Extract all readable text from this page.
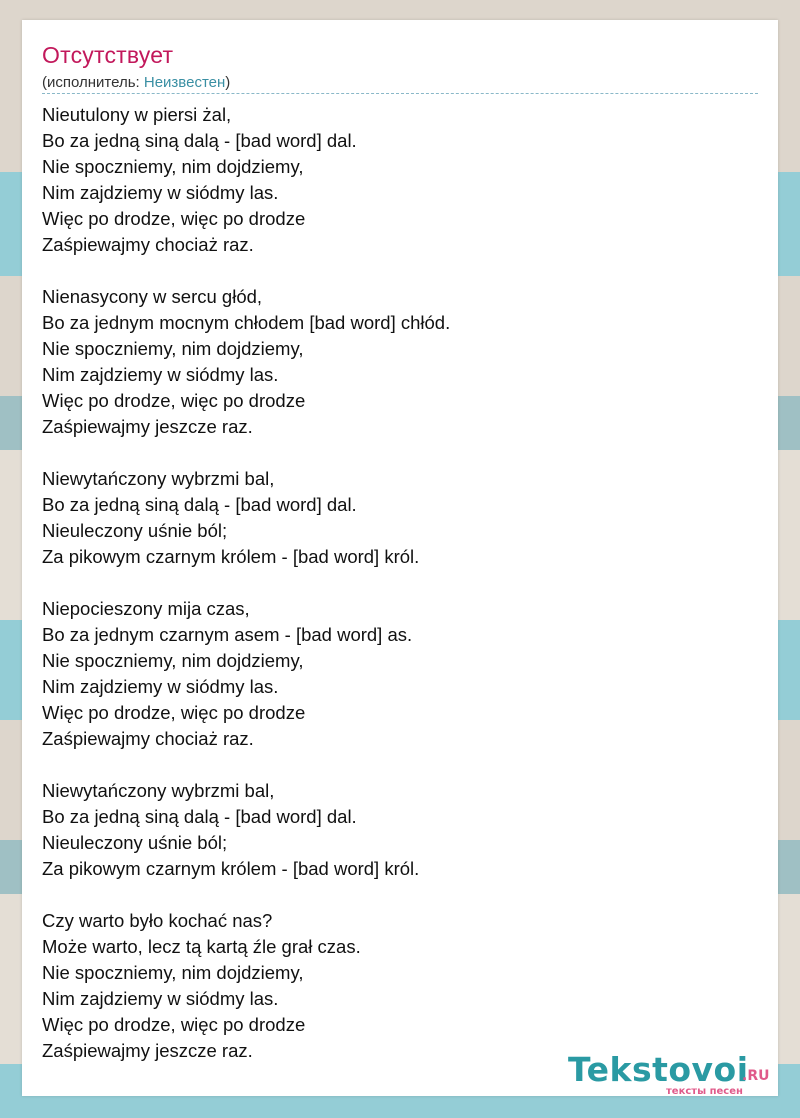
Отсутствует
(исполнитель: Неизвестен)
Nieutulony w piersi żal,
Bo za jedną siną dalą - [bad word] dal.
Nie spoczniemy, nim dojdziemy,
Nim zajdziemy w siódmy las.
Więc po drodze, więc po drodze
Zaśpiewajmy chociaż raz.
Nienasycony w sercu głód,
Bo za jednym mocnym chłodem [bad word] chłód.
Nie spoczniemy, nim dojdziemy,
Nim zajdziemy w siódmy las.
Więc po drodze, więc po drodze
Zaśpiewajmy jeszcze raz.
Niewytańczony wybrzmi bal,
Bo za jedną siną dalą - [bad word] dal.
Nieuleczony uśnie ból;
Za pikowym czarnym królem - [bad word] król.
Niepocieszony mija czas,
Bo za jednym czarnym asem - [bad word] as.
Nie spoczniemy, nim dojdziemy,
Nim zajdziemy w siódmy las.
Więc po drodze, więc po drodze
Zaśpiewajmy chociaż raz.
Niewytańczony wybrzmi bal,
Bo za jedną siną dalą - [bad word] dal.
Nieuleczony uśnie ból;
Za pikowym czarnym królem - [bad word] król.
Czy warto było kochać nas?
Może warto, lecz tą kartą źle grał czas.
Nie spoczniemy, nim dojdziemy,
Nim zajdziemy w siódmy las.
Więc po drodze, więc po drodze
Zaśpiewajmy jeszcze raz.	Tekstovoi
.RU
тексты песен
